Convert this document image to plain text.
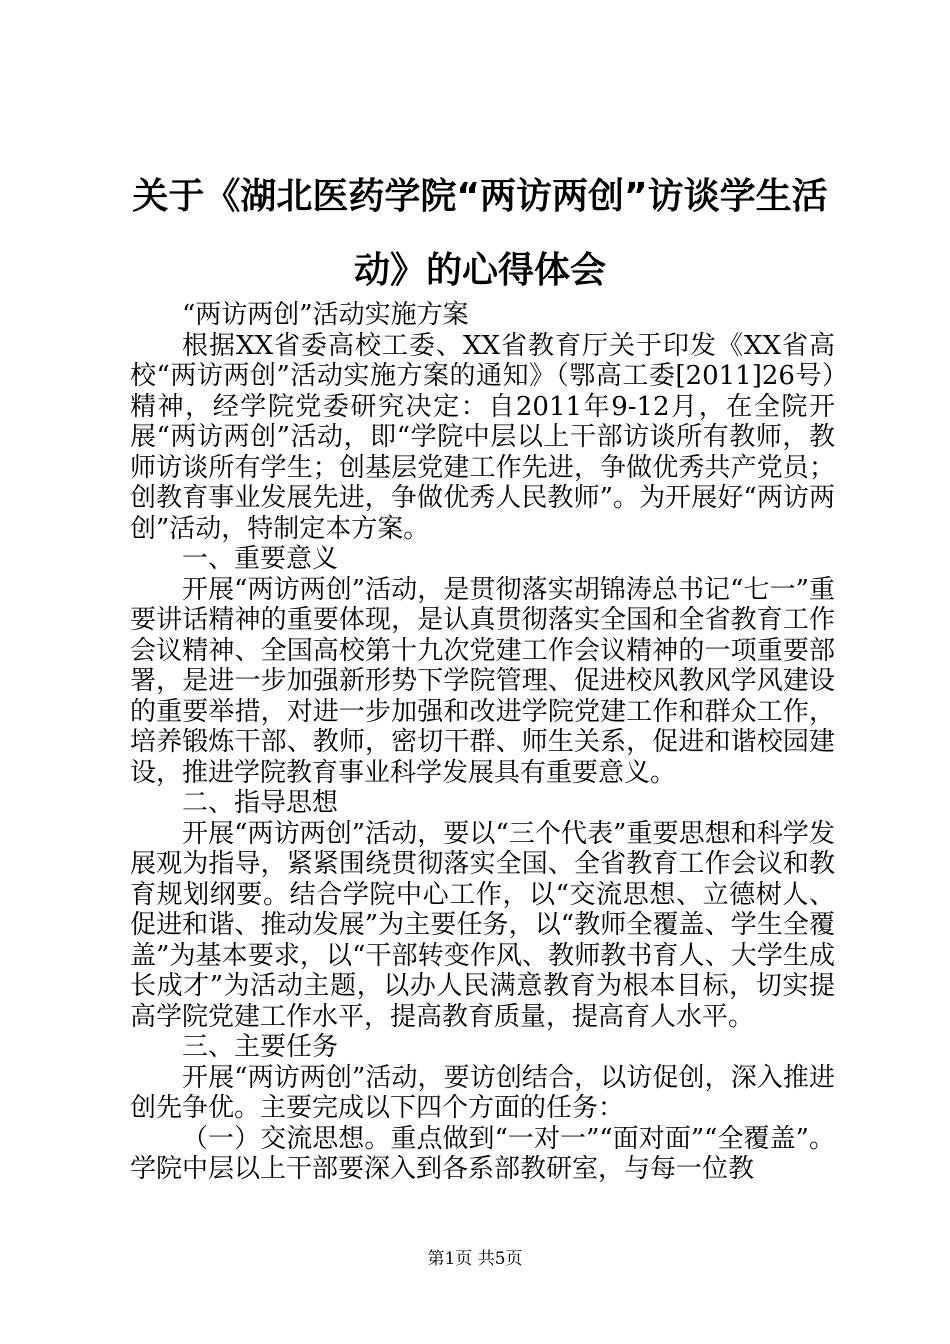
关于《湖北医药学院“两访两创”访谈学生活动》的心得体会

“两访两创”活动实施方案

根据XX省委高校工委、XX省教育厅关于印发《XX省高校“两访两创”活动实施方案的通知》（鄂高工委[2011]26号）精神，经学院党委研究决定：自2011年9-12月，在全院开展“两访两创”活动，即“学院中层以上干部访谈所有教师，教师访谈所有学生；创基层党建工作先进，争做优秀共产党员；创教育事业发展先进，争做优秀人民教师”。为开展好“两访两创”活动，特制定本方案。

一、重要意义

开展“两访两创”活动，是贯彻落实胡锦涛总书记“七一”重要讲话精神的重要体现，是认真贯彻落实全国和全省教育工作会议精神、全国高校第十九次党建工作会议精神的一项重要部署，是进一步加强新形势下学院管理、促进校风教风学风建设的重要举措，对进一步加强和改进学院党建工作和群众工作，培养锻炼干部、教师，密切干群、师生关系，促进和谐校园建设，推进学院教育事业科学发展具有重要意义。

二、指导思想

开展“两访两创”活动，要以“三个代表”重要思想和科学发展观为指导，紧紧围绕贯彻落实全国、全省教育工作会议和教育规划纲要。结合学院中心工作，以“交流思想、立德树人、促进和谐、推动发展”为主要任务，以“教师全覆盖、学生全覆盖”为基本要求，以“干部转变作风、教师教书育人、大学生成长成才”为活动主题，以办人民满意教育为根本目标，切实提高学院党建工作水平，提高教育质量，提高育人水平。

三、主要任务

开展“两访两创”活动，要访创结合，以访促创，深入推进创先争优。主要完成以下四个方面的任务：

（一）交流思想。重点做到“一对一”“面对面”“全覆盖”。学院中层以上干部要深入到各系部教研室，与每一位教

第1页 共5页
